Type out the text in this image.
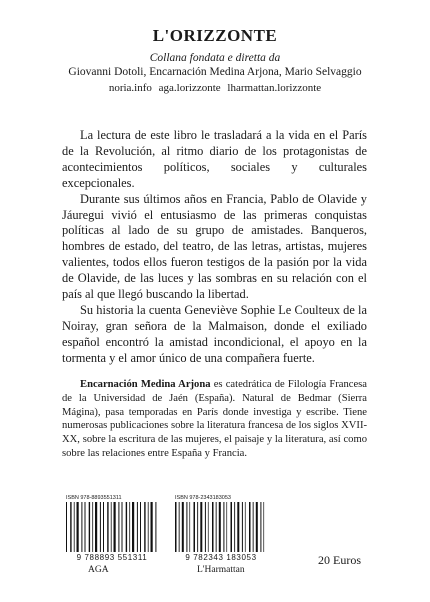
L'ORIZZONTE
Collana fondata e diretta da
Giovanni Dotoli, Encarnación Medina Arjona, Mario Selvaggio
noria.info aga.lorizzonte lharmattan.lorizzonte

La lectura de este libro le trasladará a la vida en el París de la Revolución, al ritmo diario de los protagonistas de acontecimientos políticos, sociales y culturales excepcionales.

Durante sus últimos años en Francia, Pablo de Olavide y Jáuregui vivió el entusiasmo de las primeras conquistas políticas al lado de su grupo de amistades. Banqueros, hombres de estado, del teatro, de las letras, artistas, mujeres valientes, todos ellos fueron testigos de la pasión por la vida de Olavide, de las luces y las sombras en su relación con el país al que llegó buscando la libertad.

Su historia la cuenta Geneviève Sophie Le Coulteux de la Noiray, gran señora de la Malmaison, donde el exiliado español encontró la amistad incondicional, el apoyo en la tormenta y el amor único de una compañera fuerte.

Encarnación Medina Arjona es catedrática de Filología Francesa de la Universidad de Jaén (España). Natural de Bedmar (Sierra Mágina), pasa temporadas en París donde investiga y escribe. Tiene numerosas publicaciones sobre la literatura francesa de los siglos XVII-XX, sobre la escritura de las mujeres, el paisaje y la literatura, así como sobre las relaciones entre España y Francia.
ISBN 978-8893551311
9 788893 551311
ISBN 978-2343183053
9 782343 183053
AGA	L'Harmattan
20 Euros
